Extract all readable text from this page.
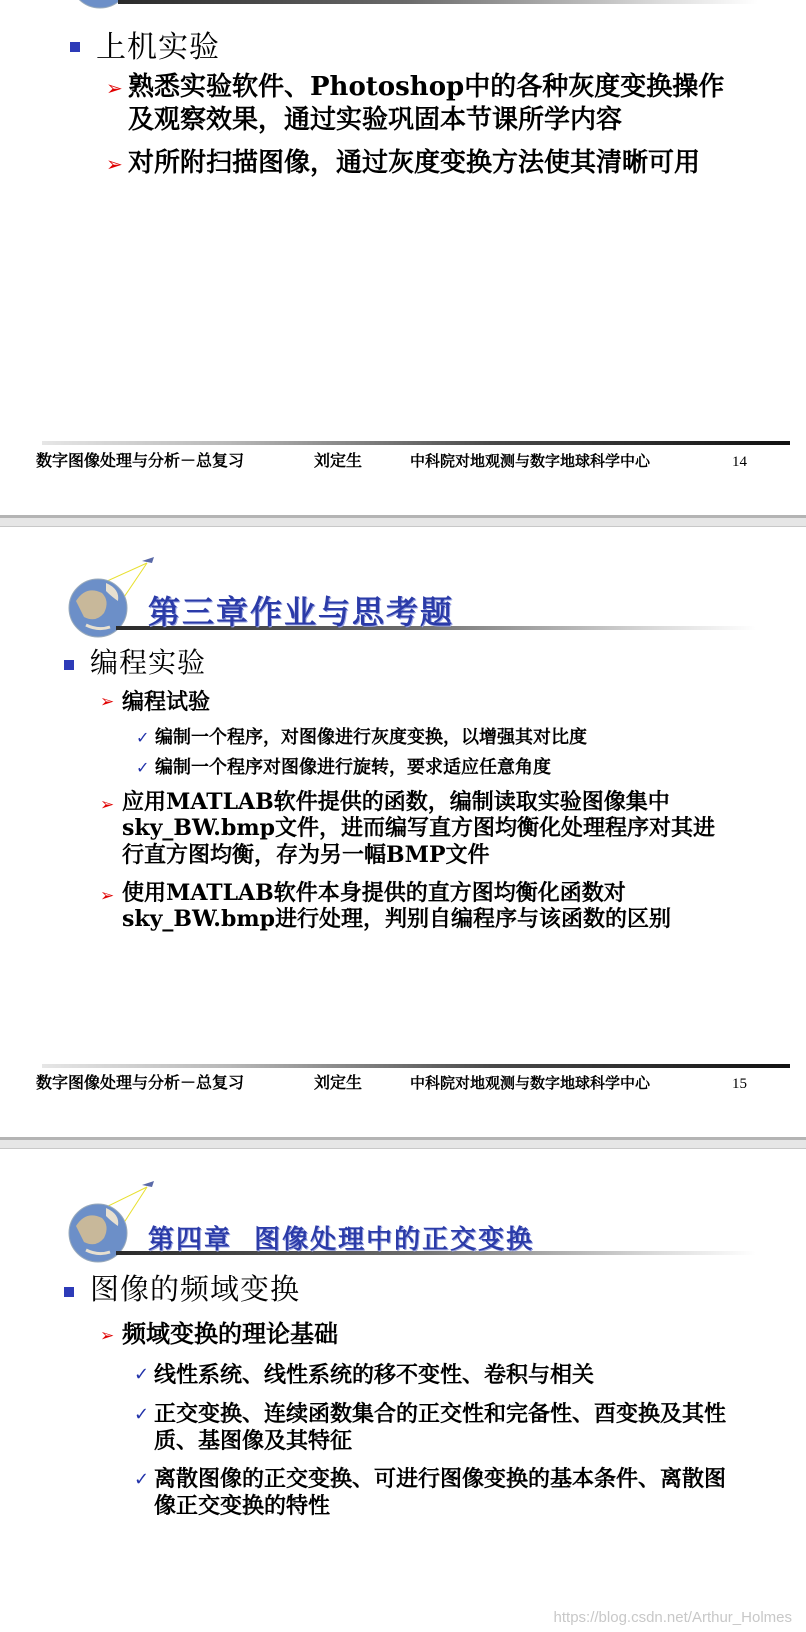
上机实验
➢ 熟悉实验软件、Photoshop中的各种灰度变换操作及观察效果，通过实验巩固本节课所学内容
➢ 对所附扫描图像，通过灰度变换方法使其清晰可用
数字图像处理与分析－总复习	刘定生	中科院对地观测与数字地球科学中心	14
第三章作业与思考题
编程实验
➢ 编程试验
✓ 编制一个程序，对图像进行灰度变换，以增强其对比度
✓ 编制一个程序对图像进行旋转，要求适应任意角度
➢ 应用MATLAB软件提供的函数，编制读取实验图像集中sky_BW.bmp文件，进而编写直方图均衡化处理程序对其进行直方图均衡，存为另一幅BMP文件
➢ 使用MATLAB软件本身提供的直方图均衡化函数对sky_BW.bmp进行处理，判别自编程序与该函数的区别
数字图像处理与分析－总复习	刘定生	中科院对地观测与数字地球科学中心	15
第四章  图像处理中的正交变换
图像的频域变换
➢ 频域变换的理论基础
✓ 线性系统、线性系统的移不变性、卷积与相关
✓ 正交变换、连续函数集合的正交性和完备性、酉变换及其性质、基图像及其特征
✓ 离散图像的正交变换、可进行图像变换的基本条件、离散图像正交变换的特性
https://blog.csdn.net/Arthur_Holmes
